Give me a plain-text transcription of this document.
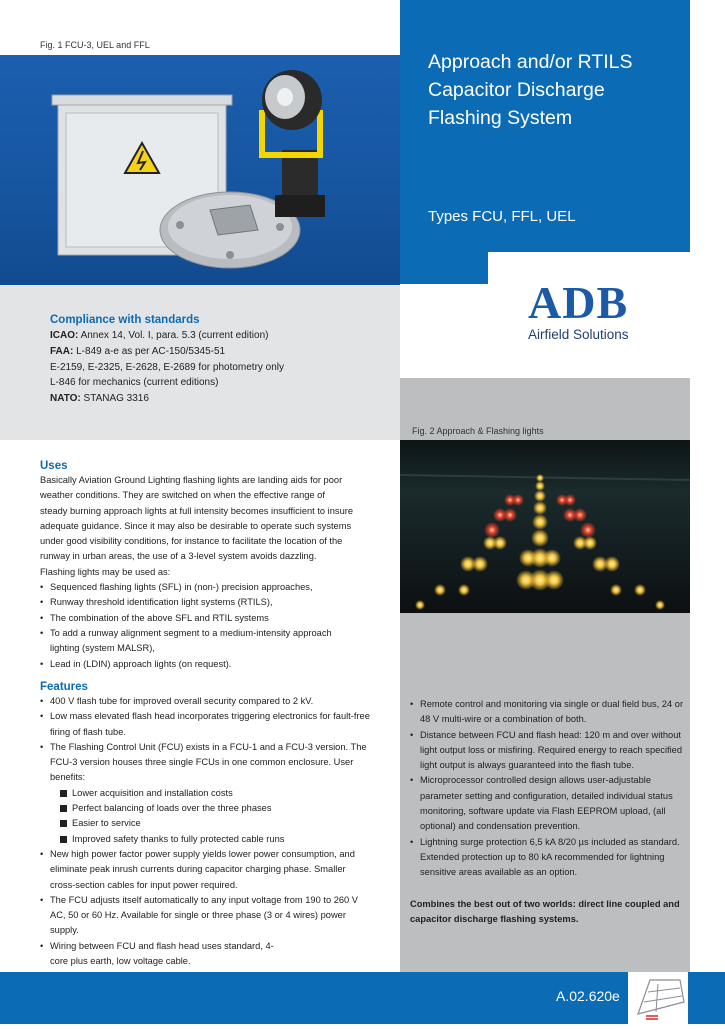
Fig. 1 FCU-3, UEL and FFL
Approach and/or RTILS
Capacitor Discharge
Flashing System
Types FCU, FFL, UEL
Compliance with standards
ICAO: Annex 14, Vol. I, para. 5.3 (current edition)
FAA: L-849 a-e as per AC-150/5345-51
E-2159, E-2325, E-2628, E-2689 for photometry only
L-846 for mechanics (current editions)
NATO: STANAG 3316
ADB
Airfield Solutions
Fig. 2 Approach & Flashing lights
Uses
Basically Aviation Ground Lighting flashing lights are landing aids for poor
weather conditions. They are switched on when the effective range of
steady burning approach lights at full intensity becomes insufficient to insure
adequate guidance. Since it may also be desirable to operate such systems
under good visibility conditions, for instance to facilitate the location of the
runway in urban areas, the use of a 3-level system avoids dazzling.
Flashing lights may be used as:
• Sequenced flashing lights (SFL) in (non-) precision approaches,
• Runway threshold identification light systems (RTILS),
• The combination of the above SFL and RTIL systems
• To add a runway alignment segment to a medium-intensity approach lighting (system MALSR),
• Lead in (LDIN) approach lights (on request).
Features
• 400 V flash tube for improved overall security compared to 2 kV.
• Low mass elevated flash head incorporates triggering electronics for fault-free firing of flash tube.
• The Flashing Control Unit (FCU) exists in a FCU-1 and a FCU-3 version. The FCU-3 version houses three single FCUs in one common enclosure. User benefits:
Lower acquisition and installation costs
Perfect balancing of loads over the three phases
Easier to service
Improved safety thanks to fully protected cable runs
• New high power factor power supply yields lower power consumption, and eliminate peak inrush currents during capacitor charging phase. Smaller cross-section cables for input power required.
• The FCU adjusts itself automatically to any input voltage from 190 to 260 V AC, 50 or 60 Hz. Available for single or three phase (3 or 4 wires) power supply.
• Wiring between FCU and flash head uses standard, 4-core plus earth, low voltage cable.
• Remote control and monitoring via single or dual field bus, 24 or 48 V multi-wire or a combination of both.
• Distance between FCU and flash head: 120 m and over without light output loss or misfiring. Required energy to reach specified light output is always guaranteed into the flash tube.
• Microprocessor controlled design allows user-adjustable parameter setting and configuration, detailed individual status monitoring, software update via Flash EEPROM upload, (all optional) and condensation prevention.
• Lightning surge protection 6,5 kA 8/20 µs included as standard. Extended protection up to 80 kA recommended for lightning sensitive areas available as an option.
Combines the best out of two worlds: direct line coupled and capacitor discharge flashing systems.
A.02.620e
